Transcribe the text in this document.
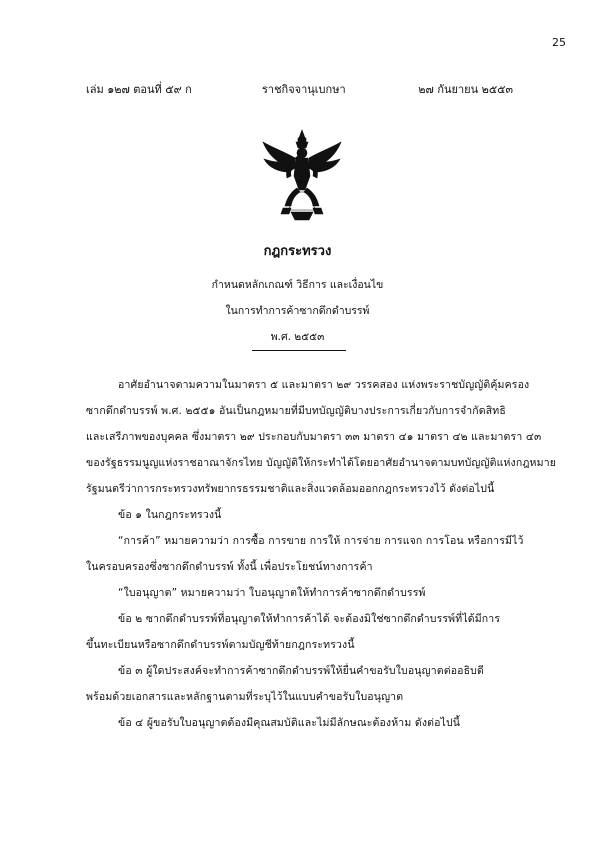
25
เล่ม ๑๒๗ ตอนที่ ๕๙ ก	ราชกิจจานุเบกษา	๒๗ กันยายน ๒๕๕๓
กฎกระทรวง
กำหนดหลักเกณฑ์ วิธีการ และเงื่อนไข
ในการทำการค้าซากดึกดำบรรพ์
พ.ศ. ๒๕๕๓
อาศัยอำนาจตามความในมาตรา ๕ และมาตรา ๒๙ วรรคสอง แห่งพระราชบัญญัติคุ้มครอง
ซากดึกดำบรรพ์ พ.ศ. ๒๕๕๑ อันเป็นกฎหมายที่มีบทบัญญัติบางประการเกี่ยวกับการจำกัดสิทธิ
และเสรีภาพของบุคคล ซึ่งมาตรา ๒๙ ประกอบกับมาตรา ๓๓ มาตรา ๔๑ มาตรา ๔๒ และมาตรา ๔๓
ของรัฐธรรมนูญแห่งราชอาณาจักรไทย บัญญัติให้กระทำได้โดยอาศัยอำนาจตามบทบัญญัติแห่งกฎหมาย
รัฐมนตรีว่าการกระทรวงทรัพยากรธรรมชาติและสิ่งแวดล้อมออกกฎกระทรวงไว้ ดังต่อไปนี้
ข้อ ๑ ในกฎกระทรวงนี้
“การค้า” หมายความว่า การซื้อ การขาย การให้ การจ่าย การแจก การโอน หรือการมีไว้
ในครอบครองซึ่งซากดึกดำบรรพ์ ทั้งนี้ เพื่อประโยชน์ทางการค้า
“ใบอนุญาต” หมายความว่า ใบอนุญาตให้ทำการค้าซากดึกดำบรรพ์
ข้อ ๒ ซากดึกดำบรรพ์ที่อนุญาตให้ทำการค้าได้ จะต้องมิใช่ซากดึกดำบรรพ์ที่ได้มีการ
ขึ้นทะเบียนหรือซากดึกดำบรรพ์ตามบัญชีท้ายกฎกระทรวงนี้
ข้อ ๓ ผู้ใดประสงค์จะทำการค้าซากดึกดำบรรพ์ให้ยื่นคำขอรับใบอนุญาตต่ออธิบดี
พร้อมด้วยเอกสารและหลักฐานตามที่ระบุไว้ในแบบคำขอรับใบอนุญาต
ข้อ ๔ ผู้ขอรับใบอนุญาตต้องมีคุณสมบัติและไม่มีลักษณะต้องห้าม ดังต่อไปนี้
